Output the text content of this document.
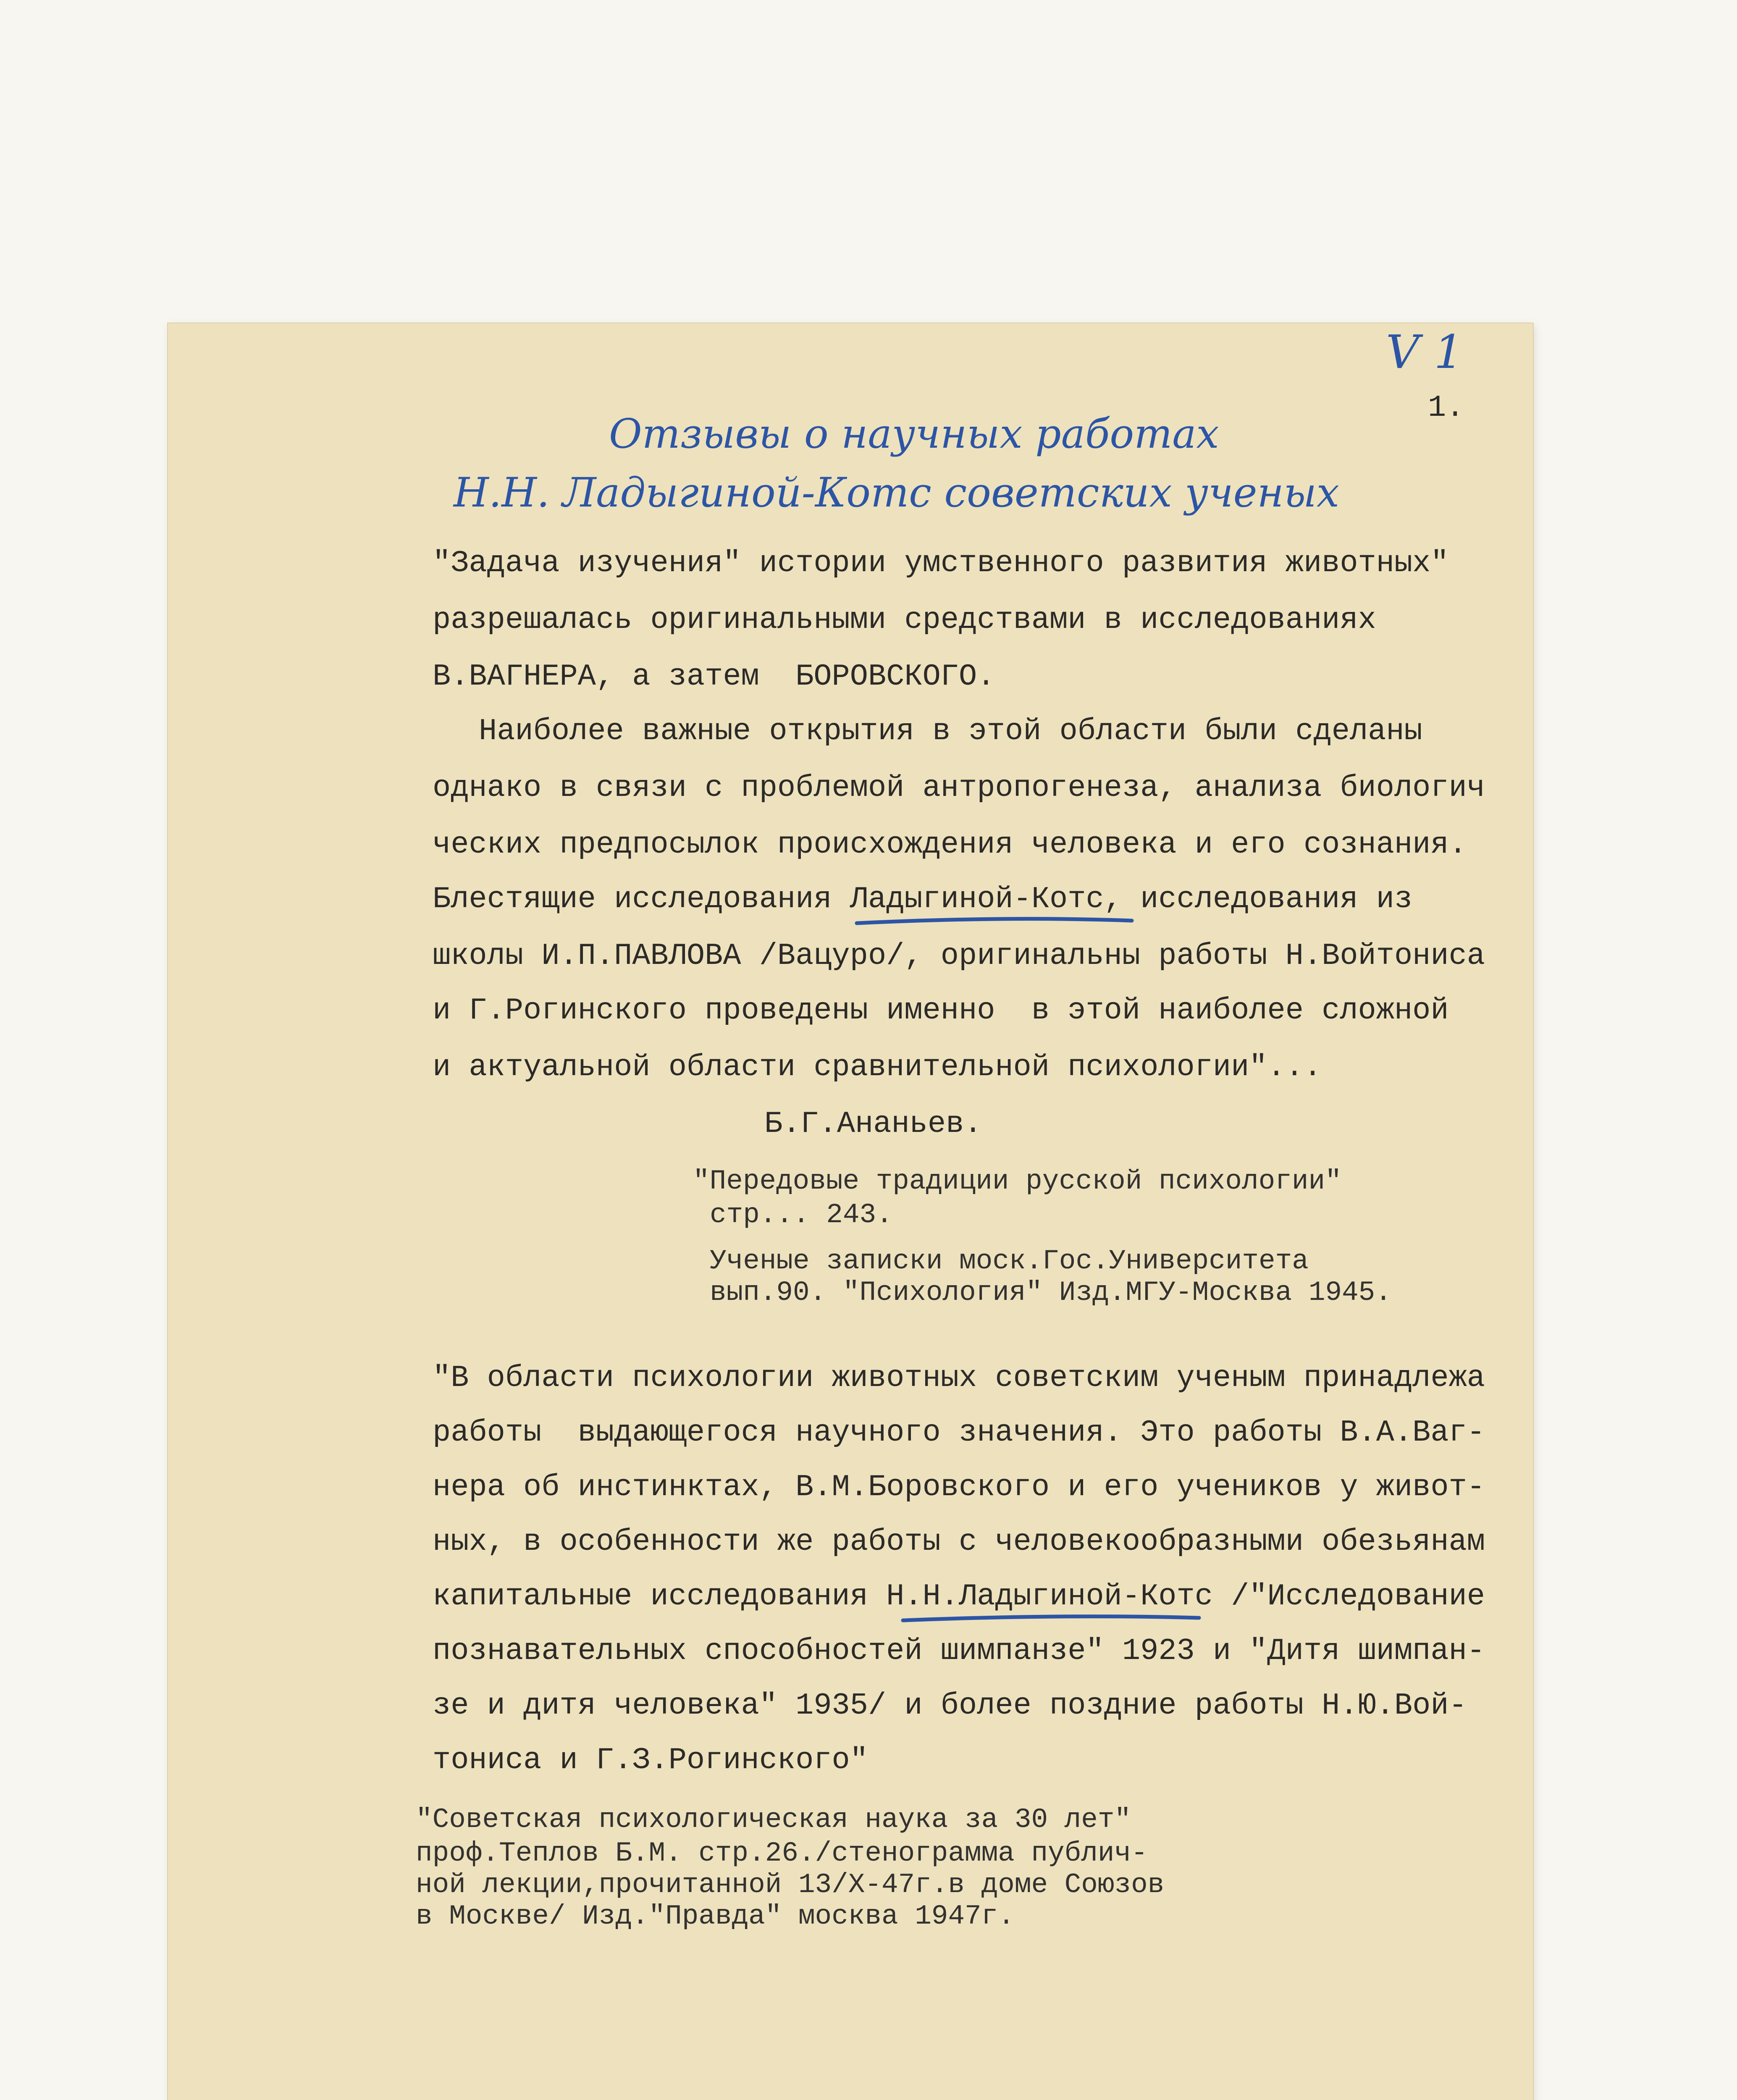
V 1
1.
Отзывы о научных работах
Н.Н. Ладыгиной-Котс советских ученых
"Задача изучения" истории умственного развития животных"
разрешалась оригинальными средствами в исследованиях
В.ВАГНЕРА, а затем  БОРОВСКОГО.
Наиболее важные открытия в этой области были сделаны
однако в связи с проблемой антропогенеза, анализа биологич
ческих предпосылок происхождения человека и его сознания.
Блестящие исследования Ладыгиной-Котс, исследования из
школы И.П.ПАВЛОВА /Вацуро/, оригинальны работы Н.Войтониса
и Г.Рогинского проведены именно  в этой наиболее сложной
и актуальной области сравнительной психологии"...
Б.Г.Ананьев.
"Передовые традиции русской психологии"
стр... 243.
Ученые записки моск.Гос.Университета
вып.90. "Психология" Изд.МГУ-Москва 1945.
"В области психологии животных советским ученым принадлежа
работы  выдающегося научного значения. Это работы В.А.Ваг-
нера об инстинктах, В.М.Боровского и его учеников у живот-
ных, в особенности же работы с человекообразными обезьянам
капитальные исследования Н.Н.Ладыгиной-Котс /"Исследование
познавательных способностей шимпанзе" 1923 и "Дитя шимпан-
зе и дитя человека" 1935/ и более поздние работы Н.Ю.Вой-
тониса и Г.З.Рогинского"
"Советская психологическая наука за 30 лет"
проф.Теплов Б.М. стр.26./стенограмма публич-
ной лекции,прочитанной 13/X-47г.в доме Союзов
в Москве/ Изд."Правда" москва 1947г.
